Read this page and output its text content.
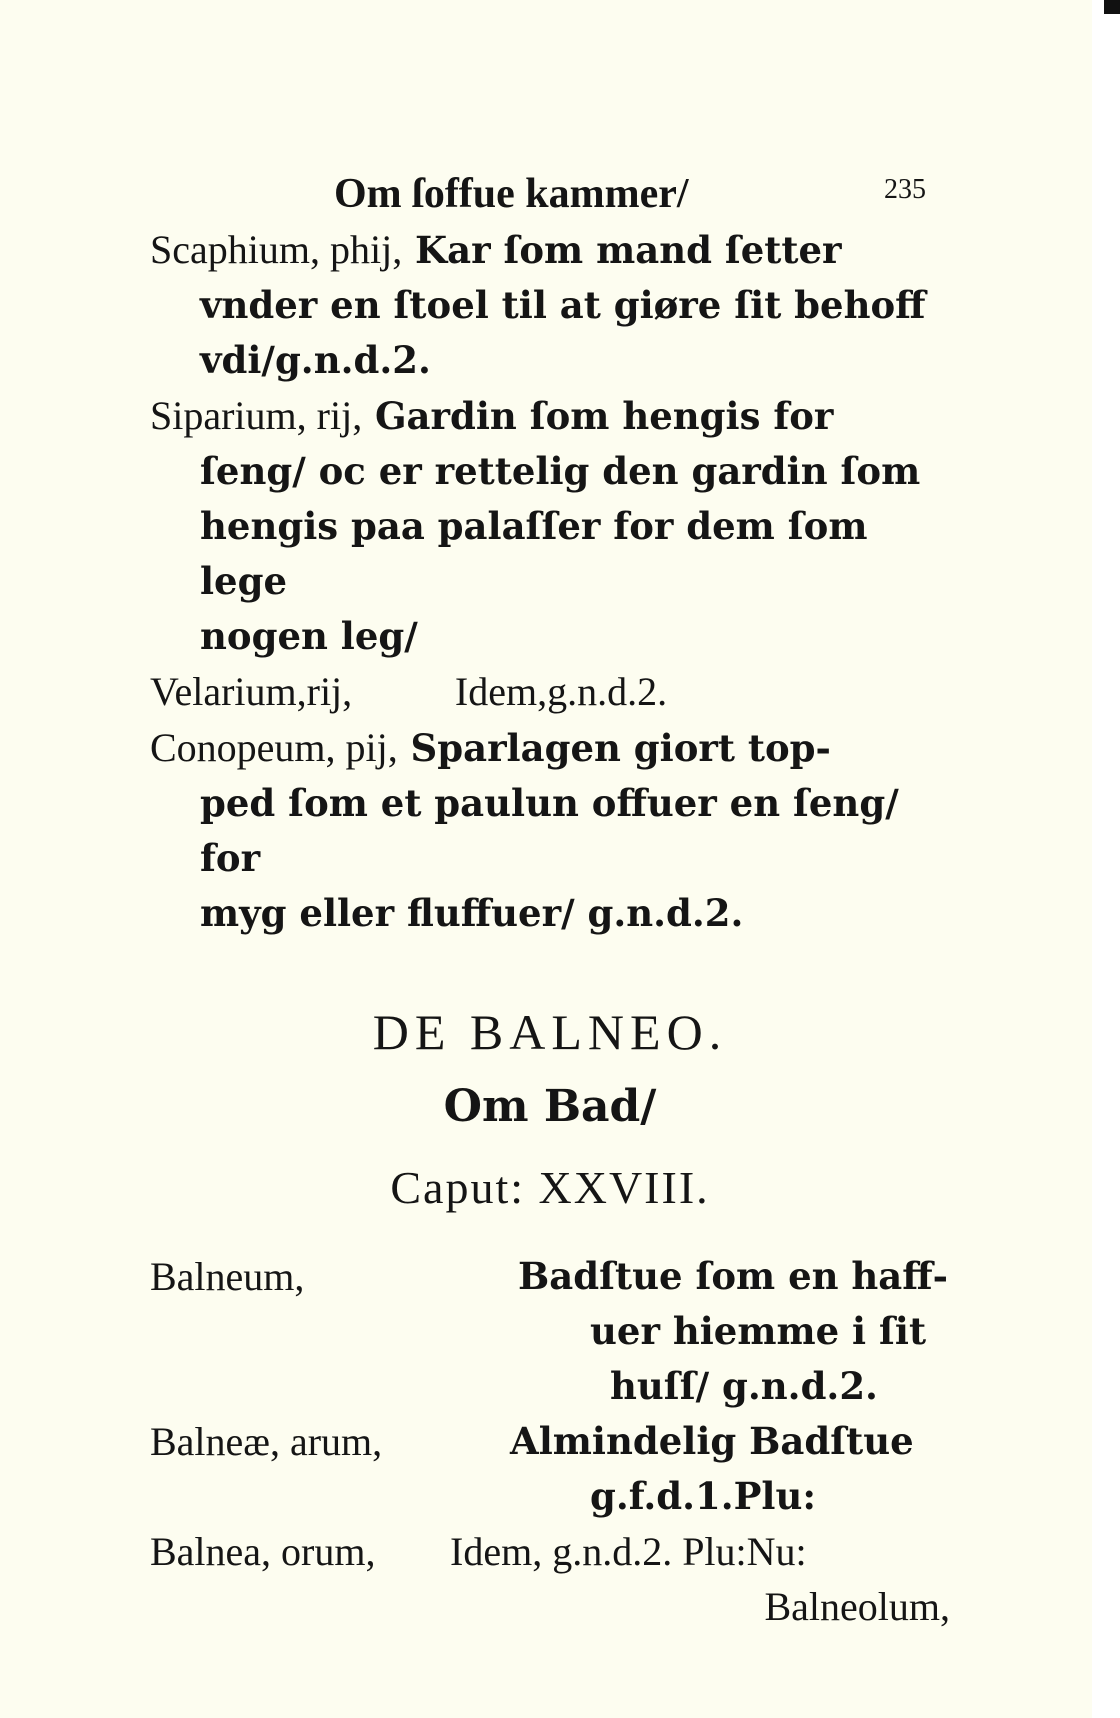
Om ſoffue kammer/	235

Scaphium, phij, Kar ſom mand ſetter

vnder en ſtoel til at giøre ſit behoff

vdi/g.n.d.2.

Siparium, rij, Gardin ſom hengis for

ſeng/ oc er rettelig den gardin ſom

hengis paa palaſſer for dem ſom lege

nogen leg/

Velarium,rij,	Idem,g.n.d.2.

Conopeum, pij, Sparlagen giort top-

ped ſom et paulun offuer en ſeng/ for

myg eller fluffuer/ g.n.d.2.

DE BALNEO.
Om Bad/
Caput: XXVIII.
Balneum,	Badſtue ſom en haff-
uer hiemme i ſit
huſſ/ g.n.d.2.
Balneæ, arum,	Almindelig Badſtue
g.f.d.1.Plu:
Balnea, orum, Idem, g.n.d.2. Plu:Nu:
Balneolum,
